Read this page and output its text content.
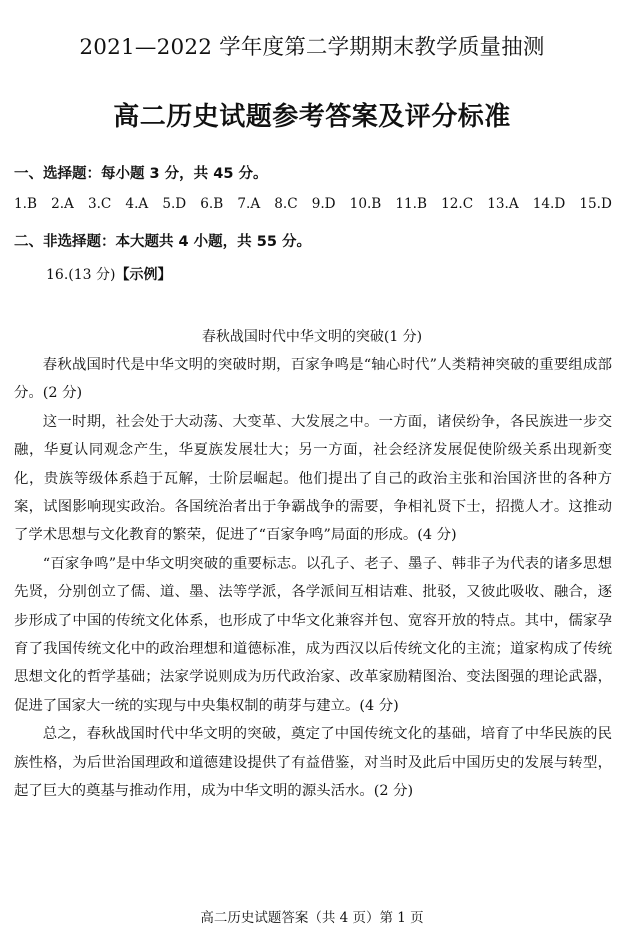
2021—2022 学年度第二学期期末教学质量抽测
高二历史试题参考答案及评分标准
一、选择题：每小题 3 分，共 45 分。
1.B 2.A 3.C 4.A 5.D 6.B 7.A 8.C 9.D 10.B 11.B 12.C 13.A 14.D 15.D
二、非选择题：本大题共 4 小题，共 55 分。
16.(13 分)【示例】
春秋战国时代中华文明的突破(1 分)

春秋战国时代是中华文明的突破时期，百家争鸣是“轴心时代”人类精神突破的重要组成部分。(2 分)

这一时期，社会处于大动荡、大变革、大发展之中。一方面，诸侯纷争，各民族进一步交融，华夏认同观念产生，华夏族发展壮大；另一方面，社会经济发展促使阶级关系出现新变化，贵族等级体系趋于瓦解，士阶层崛起。他们提出了自己的政治主张和治国济世的各种方案，试图影响现实政治。各国统治者出于争霸战争的需要，争相礼贤下士，招揽人才。这推动了学术思想与文化教育的繁荣，促进了“百家争鸣”局面的形成。(4 分)

“百家争鸣”是中华文明突破的重要标志。以孔子、老子、墨子、韩非子为代表的诸多思想先贤，分别创立了儒、道、墨、法等学派，各学派间互相诘难、批驳，又彼此吸收、融合，逐步形成了中国的传统文化体系，也形成了中华文化兼容并包、宽容开放的特点。其中，儒家孕育了我国传统文化中的政治理想和道德标准，成为西汉以后传统文化的主流；道家构成了传统思想文化的哲学基础；法家学说则成为历代政治家、改革家励精图治、变法图强的理论武器，促进了国家大一统的实现与中央集权制的萌芽与建立。(4 分)

总之，春秋战国时代中华文明的突破，奠定了中国传统文化的基础，培育了中华民族的民族性格，为后世治国理政和道德建设提供了有益借鉴，对当时及此后中国历史的发展与转型，起了巨大的奠基与推动作用，成为中华文明的源头活水。(2 分)

高二历史试题答案（共 4 页）第 1 页
